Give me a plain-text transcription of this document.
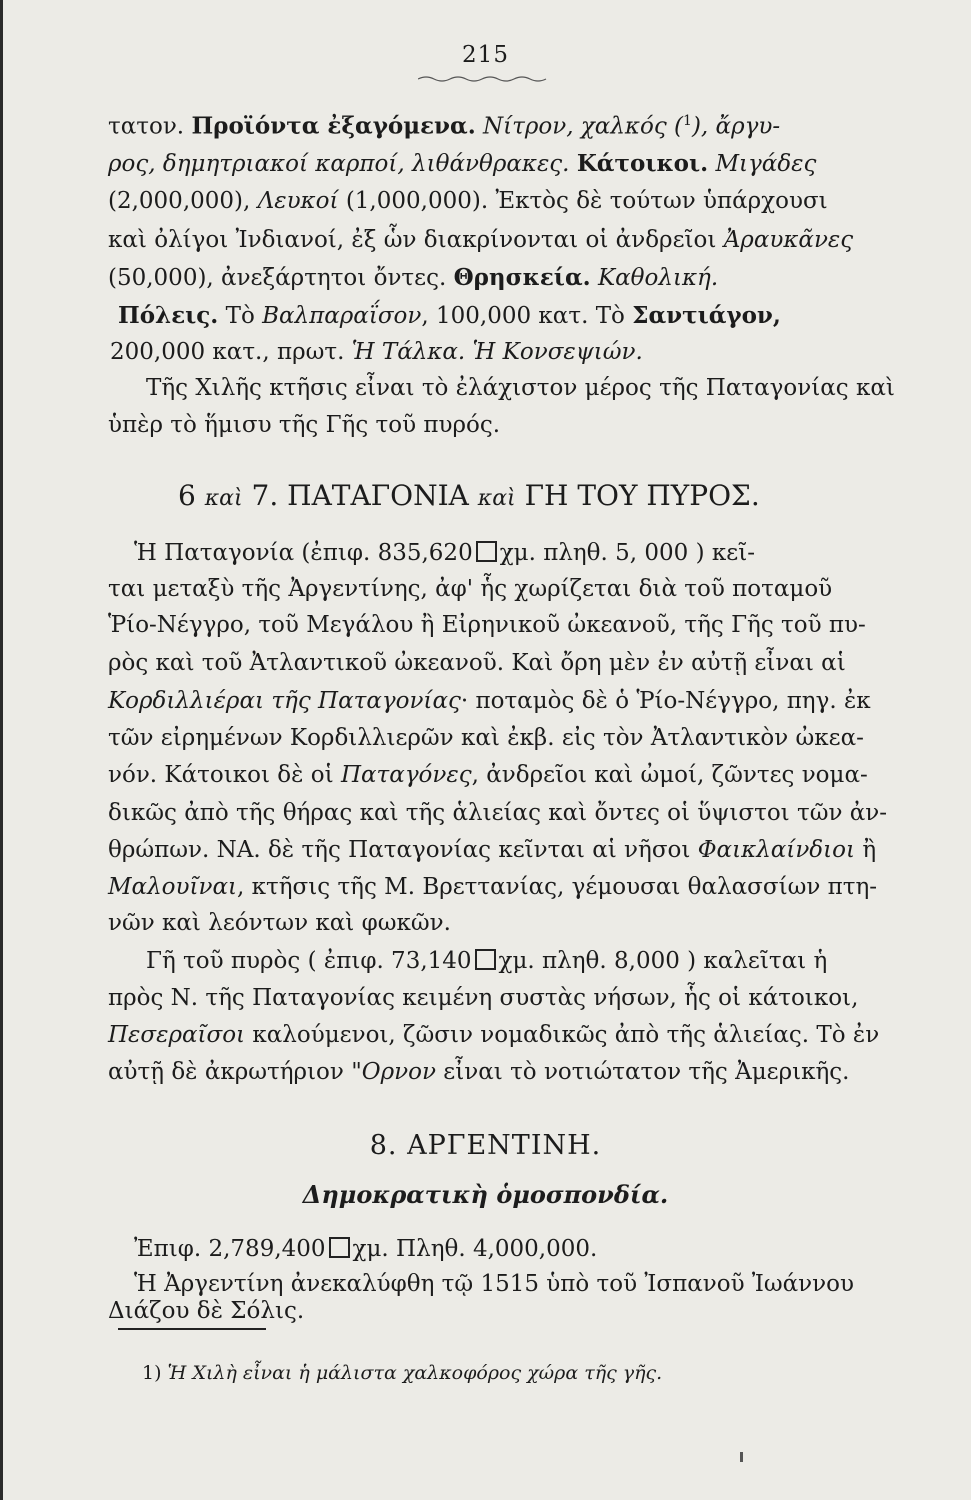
215
τατον. Προϊόντα ἐξαγόμενα. Νίτρον, χαλκός ($^1$), ἄργυ-
ρος, δημητριακοί καρποί, λιθάνθρακες. Κάτοικοι. Μιγάδες
(2,000,000), Λευκοί (1,000,000). Ἐκτὸς δὲ τούτων ὑπάρχουσι
καὶ ὀλίγοι Ἰνδιανοί, ἐξ ὧν διακρίνονται οἱ ἀνδρεῖοι Ἀραυκᾶνες
(50,000), ἀνεξάρτητοι ὄντες. Θρησκεία. Καθολική.
Πόλεις. Τὸ Βαλπαραΐσον, 100,000 κατ. Τὸ Σαντιάγον,
200,000 κατ., πρωτ. Ἡ Τάλκα. Ἡ Κονσεψιών.
Τῆς Χιλῆς κτῆσις εἶναι τὸ ἐλάχιστον μέρος τῆς Παταγονίας καὶ
ὑπὲρ τὸ ἥμισυ τῆς Γῆς τοῦ πυρός.
6 καὶ 7. ΠΑΤΑΓΟΝΙΑ καὶ ΓΗ ΤΟΥ ΠΥΡΟΣ.
Ἡ Παταγονία (ἐπιφ. 835,620 χμ. πληθ. 5, 000 ) κεῖ-
ται μεταξὺ τῆς Ἀργεντίνης, ἀφ' ἧς χωρίζεται διὰ τοῦ ποταμοῦ
Ῥίο-Νέγγρο, τοῦ Μεγάλου ἢ Εἰρηνικοῦ ὠκεανοῦ, τῆς Γῆς τοῦ πυ-
ρὸς καὶ τοῦ Ἀτλαντικοῦ ὠκεανοῦ. Καὶ ὄρη μὲν ἐν αὐτῇ εἶναι αἱ
Κορδιλλιέραι τῆς Παταγονίας· ποταμὸς δὲ ὁ Ῥίο-Νέγγρο, πηγ. ἐκ
τῶν εἰρημένων Κορδιλλιερῶν καὶ ἐκβ. εἰς τὸν Ἀτλαντικὸν ὠκεα-
νόν. Κάτοικοι δὲ οἱ Παταγόνες, ἀνδρεῖοι καὶ ὠμοί, ζῶντες νομα-
δικῶς ἀπὸ τῆς θήρας καὶ τῆς ἁλιείας καὶ ὄντες οἱ ὕψιστοι τῶν ἀν-
θρώπων. ΝΑ. δὲ τῆς Παταγονίας κεῖνται αἱ νῆσοι Φαικλαίνδιοι ἢ
Μαλουῖναι, κτῆσις τῆς Μ. Βρεττανίας, γέμουσαι θαλασσίων πτη-
νῶν καὶ λεόντων καὶ φωκῶν.
Γῆ τοῦ πυρὸς ( ἐπιφ. 73,140 χμ. πληθ. 8,000 ) καλεῖται ἡ
πρὸς Ν. τῆς Παταγονίας κειμένη συστὰς νήσων, ἧς οἱ κάτοικοι,
Πεσεραῖσοι καλούμενοι, ζῶσιν νομαδικῶς ἀπὸ τῆς ἁλιείας. Τὸ ἐν
αὐτῇ δὲ ἀκρωτήριον "Ορνον εἶναι τὸ νοτιώτατον τῆς Ἀμερικῆς.
8. ΑΡΓΕΝΤΙΝΗ.
Δημοκρατικὴ ὁμοσπονδία.
Ἐπιφ. 2,789,400 χμ. Πληθ. 4,000,000.
Ἡ Ἀργεντίνη ἀνεκαλύφθη τῷ 1515 ὑπὸ τοῦ Ἰσπανοῦ Ἰωάννου
Διάζου δὲ Σόλις.
1) Ἡ Χιλὴ εἶναι ἡ μάλιστα χαλκοφόρος χώρα τῆς γῆς.
